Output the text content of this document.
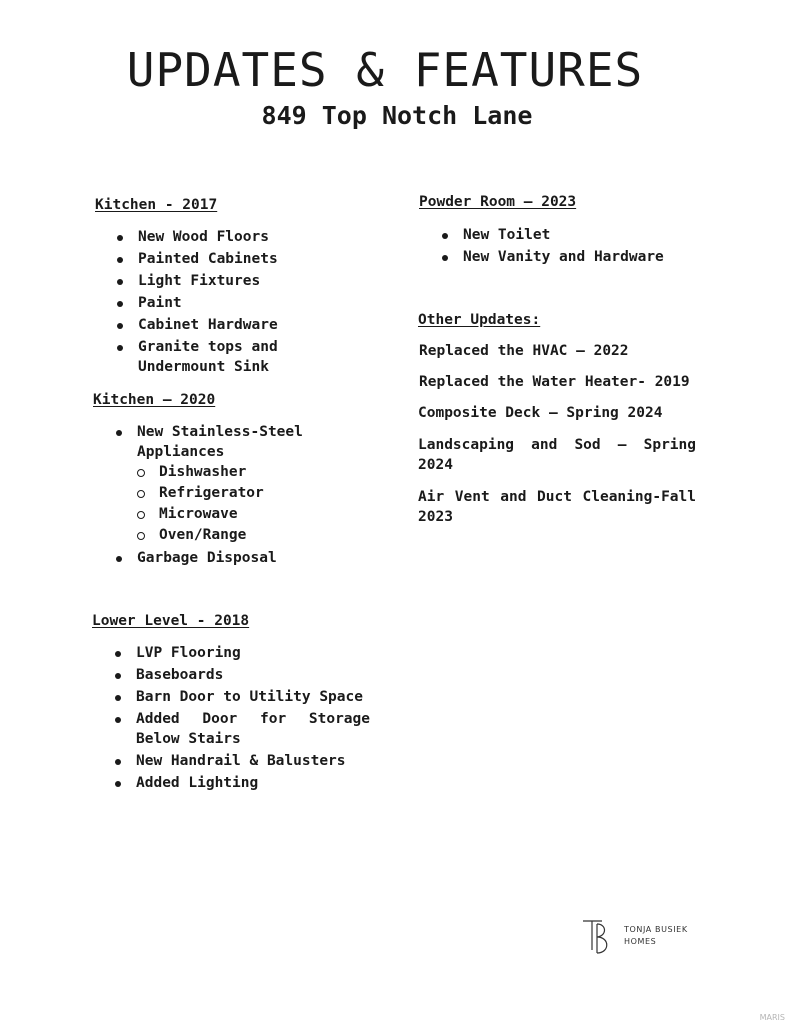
UPDATES & FEATURES
849 Top Notch Lane

Kitchen - 2017

New Wood Floors
Painted Cabinets
Light Fixtures
Paint
Cabinet Hardware
Granite tops and Undermount Sink

Kitchen – 2020

New Stainless-Steel Appliances
Dishwasher
Refrigerator
Microwave
Oven/Range
Garbage Disposal

Lower Level - 2018

LVP Flooring
Baseboards
Barn Door to Utility Space
Added Door for Storage Below Stairs
New Handrail & Balusters
Added Lighting

Powder Room – 2023

New Toilet
New Vanity and Hardware

Other Updates:

Replaced the HVAC – 2022

Replaced the Water Heater- 2019

Composite Deck – Spring 2024

Landscaping and Sod – Spring 2024

Air Vent and Duct Cleaning-Fall 2023

TONJA BUSIEK
HOMES
MARIS
